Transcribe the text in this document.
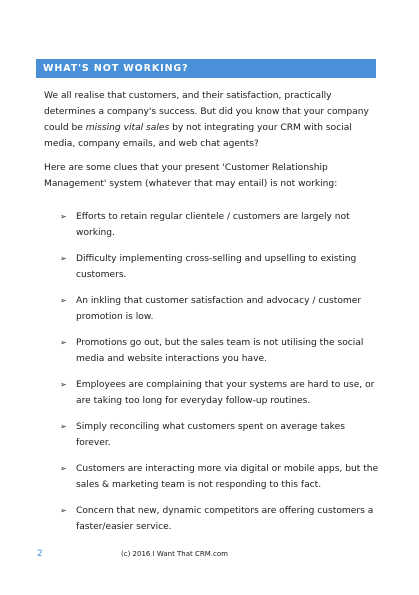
WHAT'S NOT WORKING?

We all realise that customers, and their satisfaction, practically determines a company's success. But did you know that your company could be missing vital sales by not integrating your CRM with social media, company emails, and web chat agents?

Here are some clues that your present 'Customer Relationship Management' system (whatever that may entail) is not working:

➢	Efforts to retain regular clientele / customers are largely not working.
➢	Difficulty implementing cross-selling and upselling to existing customers.
➢	An inkling that customer satisfaction and advocacy / customer promotion is low.
➢	Promotions go out, but the sales team is not utilising the social media and website interactions you have.
➢	Employees are complaining that your systems are hard to use, or are taking too long for everyday follow-up routines.
➢	Simply reconciling what customers spent on average takes forever.
➢	Customers are interacting more via digital or mobile apps, but the sales & marketing team is not responding to this fact.
➢	Concern that new, dynamic competitors are offering customers a faster/easier service.
2	(c) 2016 I Want That CRM.com
